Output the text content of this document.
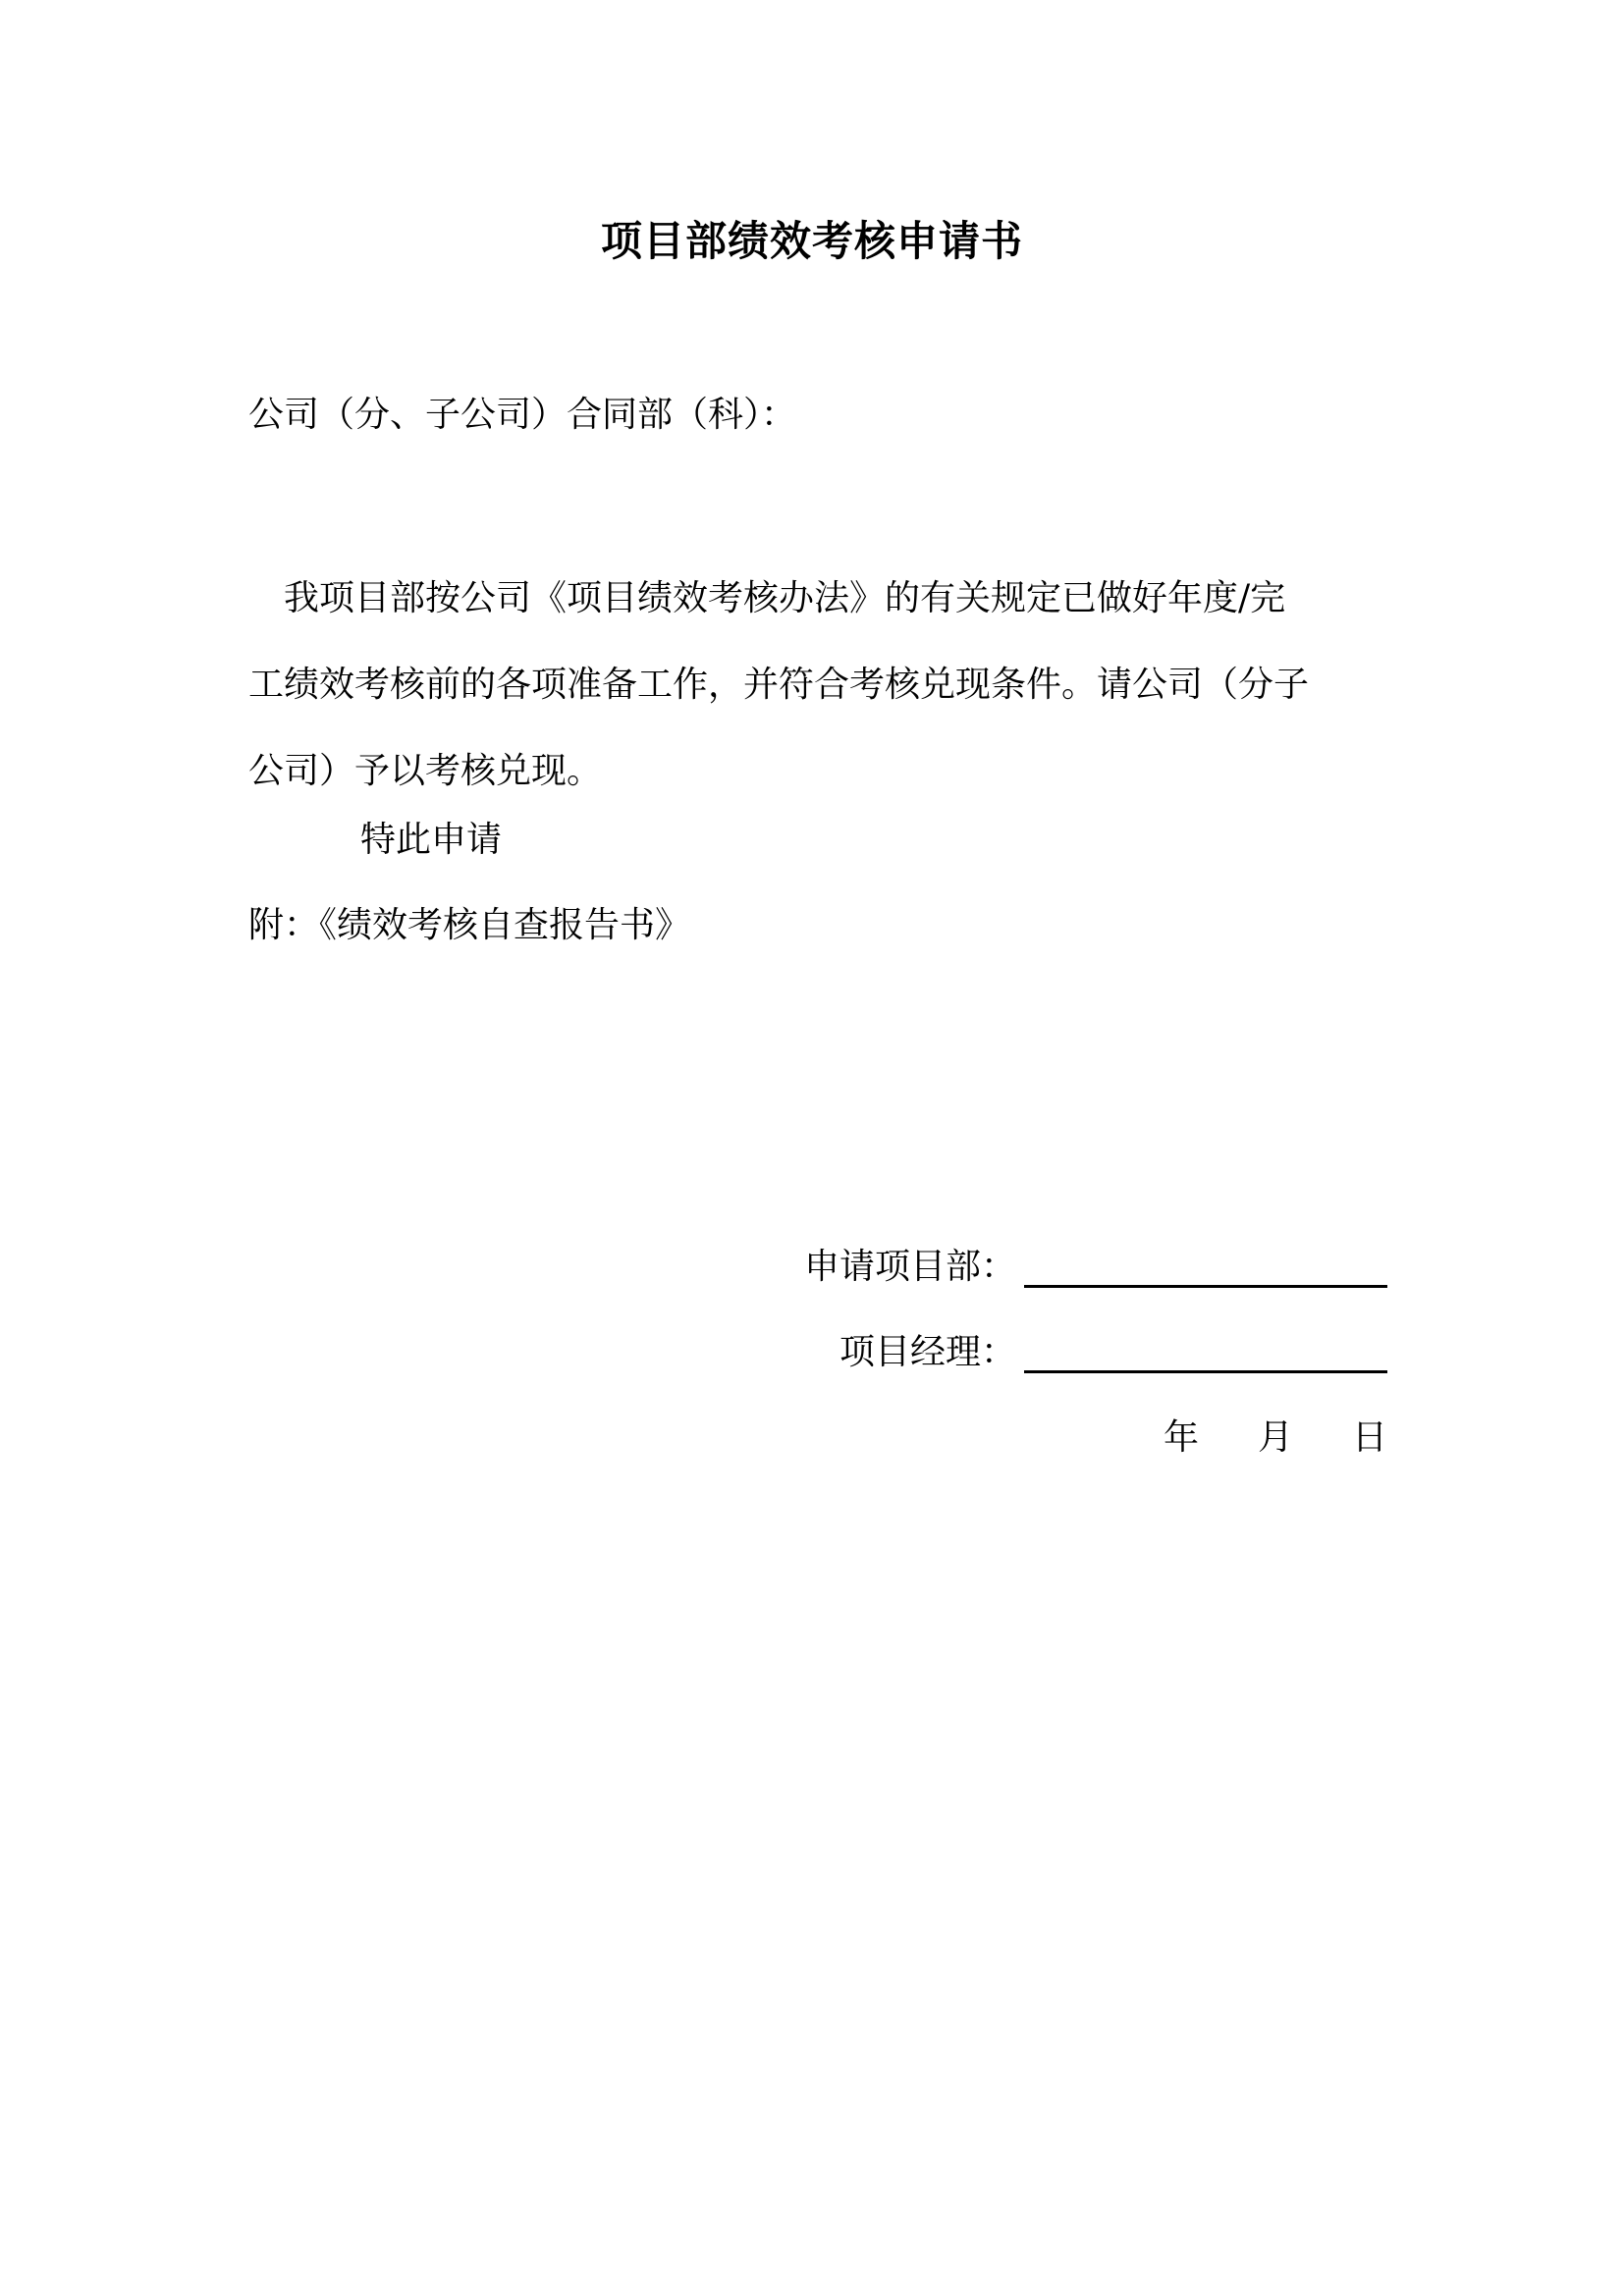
项目部绩效考核申请书
公司（分、子公司）合同部（科）：
我项目部按公司《项目绩效考核办法》的有关规定已做好年度/完
工绩效考核前的各项准备工作，并符合考核兑现条件。请公司（分子
公司）予以考核兑现。
特此申请
附：《绩效考核自查报告书》
申请项目部：
项目经理：
年 月 日
